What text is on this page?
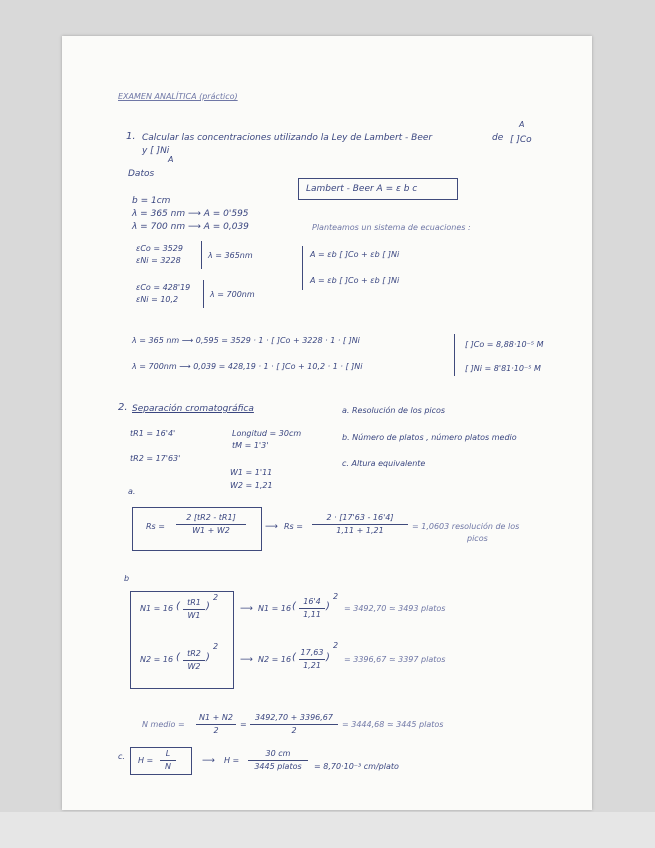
EXAMEN ANALÍTICA (práctico)
1. Calcular las concentraciones utilizando la Ley de Lambert - Beer	de
A
[ ]Co
y [ ]Ni
A
Datos
b = 1cm
λ = 365 nm ⟶ A = 0'595
λ = 700 nm ⟶ A = 0,039
Lambert - Beer A = ε b c
Planteamos un sistema de ecuaciones :
A = εb [ ]Co + εb [ ]Ni
A = εb [ ]Co + εb [ ]Ni
εCo = 3529
εNi = 3228
λ = 365nm
εCo = 428'19
εNi = 10,2
λ = 700nm
λ = 365 nm ⟶ 0,595 = 3529 · 1 · [ ]Co + 3228 · 1 · [ ]Ni
λ = 700nm ⟶ 0,039 = 428,19 · 1 · [ ]Co + 10,2 · 1 · [ ]Ni
[ ]Co = 8,88·10⁻⁵ M
[ ]Ni = 8'81·10⁻⁵ M
2. Separación cromatográfica	a. Resolución de los picos
b. Número de platos , número platos medio
c. Altura equivalente
tR1 = 16'4'
tR2 = 17'63'
Longitud = 30cm
tM = 1'3'
W1 = 1'11
W2 = 1,21
a.
Rs =
2 [tR2 - tR1]
W1 + W2	⟶ Rs =
2 · [17'63 - 16'4]
1,11 + 1,21	= 1,0603 resolución de los
picos
b
N1 = 16 ( tR1
W1
)
2
N2 = 16 ( tR2
W2
)
2
⟶ N1 = 16 ( 16'4
1,11
)
2
= 3492,70 ≃ 3493 platos
⟶ N2 = 16 ( 17,63
1,21
)
2
= 3396,67 ≃ 3397 platos
N medio =
N1 + N2
2
=
3492,70 + 3396,67
2
= 3444,68 ≃ 3445 platos
c. H =
L
N
⟶ H =
30 cm
3445 platos = 8,70·10⁻³ cm/plato
